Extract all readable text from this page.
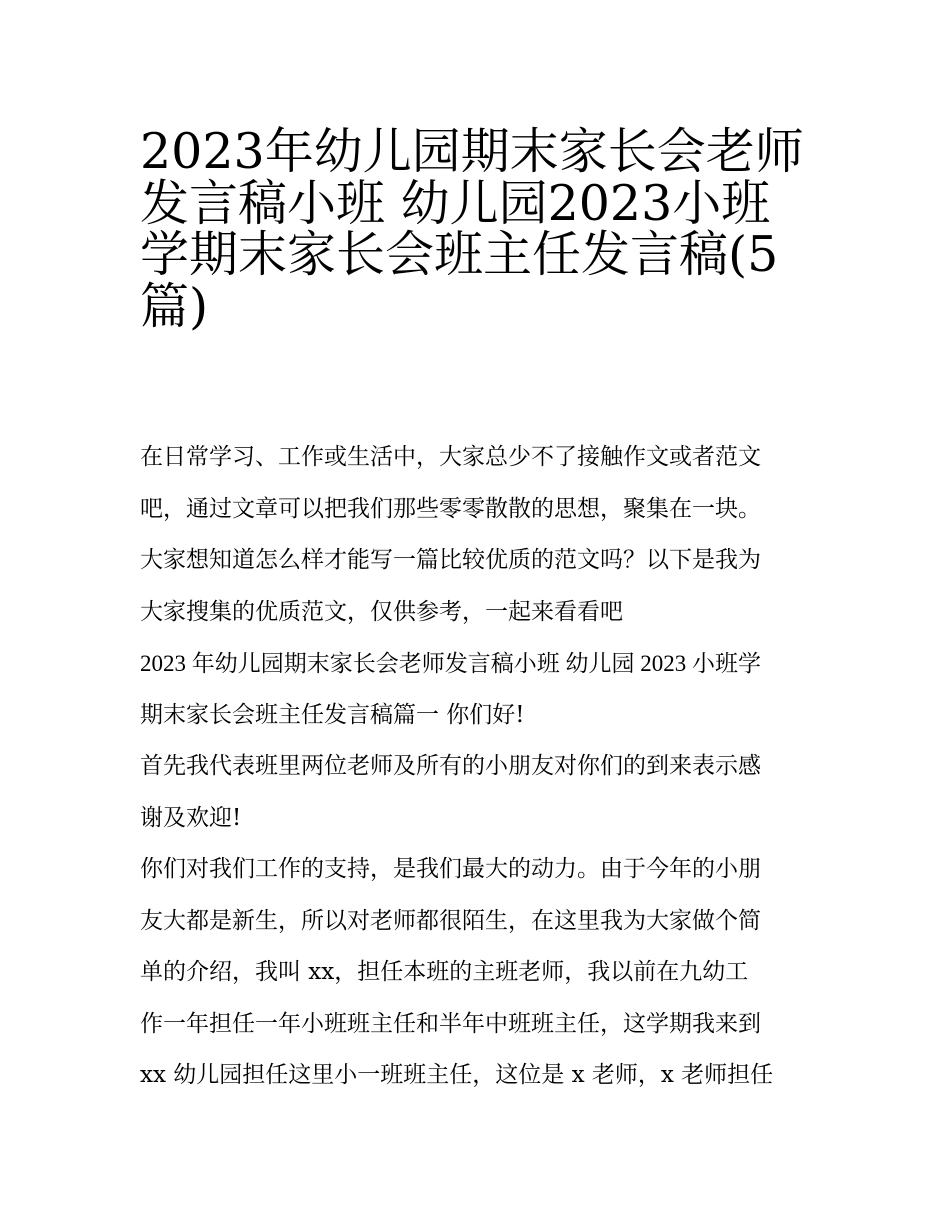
2023年幼儿园期末家长会老师
发言稿小班 幼儿园2023小班
学期末家长会班主任发言稿(5
篇)
在日常学习、工作或生活中，大家总少不了接触作文或者范文
吧，通过文章可以把我们那些零零散散的思想，聚集在一块。
大家想知道怎么样才能写一篇比较优质的范文吗？以下是我为
大家搜集的优质范文，仅供参考，一起来看看吧
2023 年幼儿园期末家长会老师发言稿小班 幼儿园 2023 小班学
期末家长会班主任发言稿篇一 你们好!
首先我代表班里两位老师及所有的小朋友对你们的到来表示感
谢及欢迎!
你们对我们工作的支持，是我们最大的动力。由于今年的小朋
友大都是新生，所以对老师都很陌生，在这里我为大家做个简
单的介绍，我叫 xx，担任本班的主班老师，我以前在九幼工
作一年担任一年小班班主任和半年中班班主任，这学期我来到
xx 幼儿园担任这里小一班班主任，这位是 x 老师，x 老师担任
